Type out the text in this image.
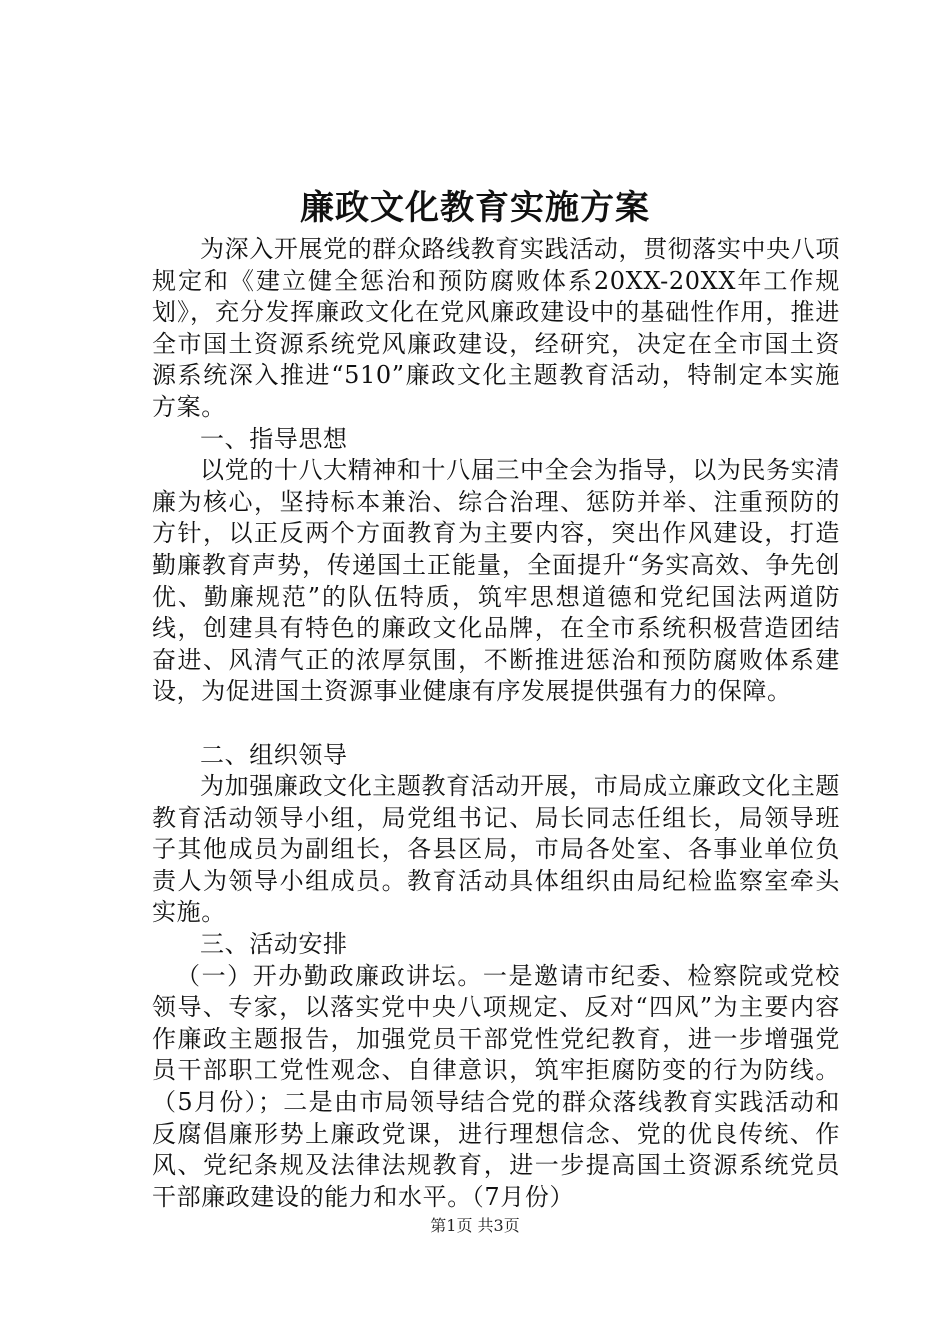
廉政文化教育实施方案

为深入开展党的群众路线教育实践活动，贯彻落实中央八项规定和《建立健全惩治和预防腐败体系20XX-20XX年工作规划》，充分发挥廉政文化在党风廉政建设中的基础性作用，推进全市国土资源系统党风廉政建设，经研究，决定在全市国土资源系统深入推进“510”廉政文化主题教育活动，特制定本实施方案。

一、指导思想

以党的十八大精神和十八届三中全会为指导，以为民务实清廉为核心，坚持标本兼治、综合治理、惩防并举、注重预防的方针，以正反两个方面教育为主要内容，突出作风建设，打造勤廉教育声势，传递国土正能量，全面提升“务实高效、争先创优、勤廉规范”的队伍特质，筑牢思想道德和党纪国法两道防线，创建具有特色的廉政文化品牌，在全市系统积极营造团结奋进、风清气正的浓厚氛围，不断推进惩治和预防腐败体系建设，为促进国土资源事业健康有序发展提供强有力的保障。

二、组织领导

为加强廉政文化主题教育活动开展，市局成立廉政文化主题教育活动领导小组，局党组书记、局长同志任组长，局领导班子其他成员为副组长，各县区局，市局各处室、各事业单位负责人为领导小组成员。教育活动具体组织由局纪检监察室牵头实施。

三、活动安排

（一）开办勤政廉政讲坛。一是邀请市纪委、检察院或党校领导、专家，以落实党中央八项规定、反对“四风”为主要内容作廉政主题报告，加强党员干部党性党纪教育，进一步增强党员干部职工党性观念、自律意识，筑牢拒腐防变的行为防线。（5月份）；二是由市局领导结合党的群众落线教育实践活动和反腐倡廉形势上廉政党课，进行理想信念、党的优良传统、作风、党纪条规及法律法规教育，进一步提高国土资源系统党员干部廉政建设的能力和水平。（7月份）

第1页 共3页
